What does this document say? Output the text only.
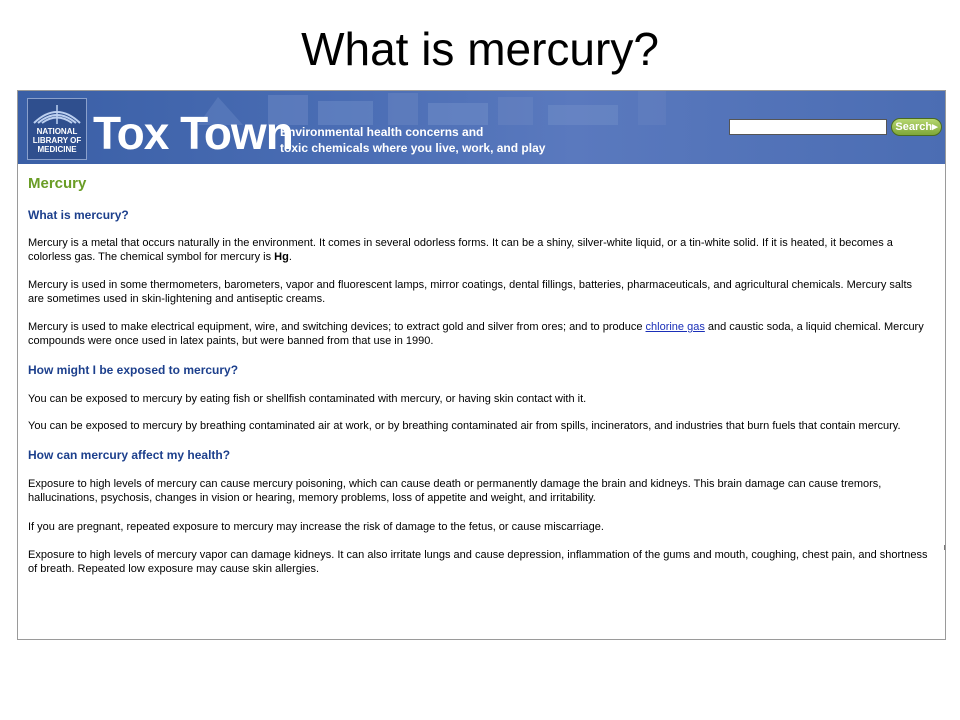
What is mercury?
NATIONAL
LIBRARY OF
MEDICINE Tox Town
Environmental health concerns and
toxic chemicals where you live, work, and play
Search▸
Mercury
What is mercury?

Mercury is a metal that occurs naturally in the environment. It comes in several odorless forms. It can be a shiny, silver-white liquid, or a tin-white solid. If it is heated, it becomes a colorless gas. The chemical symbol for mercury is Hg.

Mercury is used in some thermometers, barometers, vapor and fluorescent lamps, mirror coatings, dental fillings, batteries, pharmaceuticals, and agricultural chemicals. Mercury salts are sometimes used in skin-lightening and antiseptic creams.

Mercury is used to make electrical equipment, wire, and switching devices; to extract gold and silver from ores; and to produce chlorine gas and caustic soda, a liquid chemical. Mercury compounds were once used in latex paints, but were banned from that use in 1990.

How might I be exposed to mercury?

You can be exposed to mercury by eating fish or shellfish contaminated with mercury, or having skin contact with it.

You can be exposed to mercury by breathing contaminated air at work, or by breathing contaminated air from spills, incinerators, and industries that burn fuels that contain mercury.

How can mercury affect my health?

Exposure to high levels of mercury can cause mercury poisoning, which can cause death or permanently damage the brain and kidneys. This brain damage can cause tremors, hallucinations, psychosis, changes in vision or hearing, memory problems, loss of appetite and weight, and irritability.

If you are pregnant, repeated exposure to mercury may increase the risk of damage to the fetus, or cause miscarriage.

Exposure to high levels of mercury vapor can damage kidneys. It can also irritate lungs and cause depression, inflammation of the gums and mouth, coughing, chest pain, and shortness of breath. Repeated low exposure may cause skin allergies.
